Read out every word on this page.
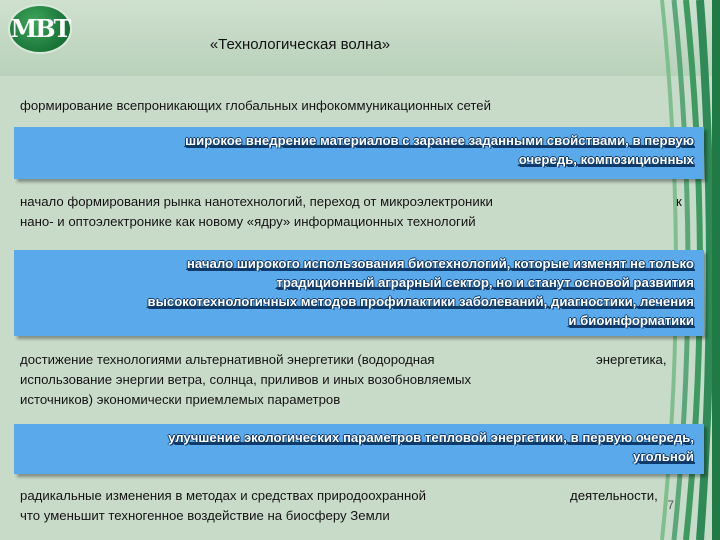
МВТ
«Технологическая волна»
формирование всепроникающих глобальных инфокоммуникационных сетей
широкое внедрение материалов с заранее заданными свойствами, в первую
очередь, композиционных
начало формирования рынка нанотехнологий, переход от микроэлектроники
нано- и оптоэлектронике как новому «ядру» информационных технологий
к
начало широкого использования биотехнологий, которые изменят не только
традиционный аграрный сектор, но и станут основой развития
высокотехнологичных методов профилактики заболеваний, диагностики, лечения
и биоинформатики
достижение технологиями альтернативной энергетики (водородная
использование энергии ветра, солнца, приливов и иных возобновляемых
источников) экономически приемлемых параметров
энергетика,
улучшение экологических параметров тепловой энергетики, в первую очередь,
угольной
радикальные изменения в методах и средствах природоохранной
что уменьшит техногенное воздействие на биосферу Земли
деятельности,
7
